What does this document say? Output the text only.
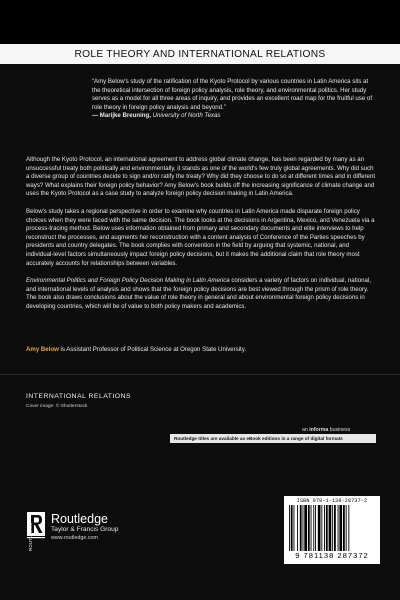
ROLE THEORY AND INTERNATIONAL RELATIONS
“Amy Below's study of the ratification of the Kyoto Protocol by various countries in Latin America sits at the theoretical intersection of foreign policy analysis, role theory, and environmental politics. Her study serves as a model for all three areas of inquiry, and provides an excellent road map for the fruitful use of role theory in foreign policy analysis and beyond.”
— Marijke Breuning, University of North Texas

Although the Kyoto Protocol, an international agreement to address global climate change, has been regarded by many as an unsuccessful treaty both politically and environmentally, it stands as one of the world's few truly global agreements. Why did such a diverse group of countries decide to sign and/or ratify the treaty? Why did they choose to do so at different times and in different ways? What explains their foreign policy behavior? Amy Below's book builds off the increasing significance of climate change and uses the Kyoto Protocol as a case study to analyze foreign policy decision making in Latin America.

Below's study takes a regional perspective in order to examine why countries in Latin America made disparate foreign policy choices when they were faced with the same decision. The book looks at the decisions in Argentina, Mexico, and Venezuela via a process-tracing method. Below uses information obtained from primary and secondary documents and elite interviews to help reconstruct the processes, and augments her reconstruction with a content analysis of Conference of the Parties speeches by presidents and country delegates. The book complies with convention in the field by arguing that systemic, national, and individual-level factors simultaneously impact foreign policy decisions, but it makes the additional claim that role theory most accurately accounts for relationships between variables.

Environmental Politics and Foreign Policy Decision Making in Latin America considers a variety of factors on individual, national, and international levels of analysis and shows that the foreign policy decisions are best viewed through the prism of role theory. The book also draws conclusions about the value of role theory in general and about environmental foreign policy decisions in developing countries, which will be of value to both policy makers and academics.

Amy Below is Assistant Professor of Political Science at Oregon State University.
INTERNATIONAL RELATIONS
Cover image: © Shutterstock
an informa business
Routledge titles are available as eBook editions in a range of digital formats
ROUTLEDGE
Routledge
Taylor & Francis Group
www.routledge.com
ISBN 978-1-138-28737-2
9 781138 287372
